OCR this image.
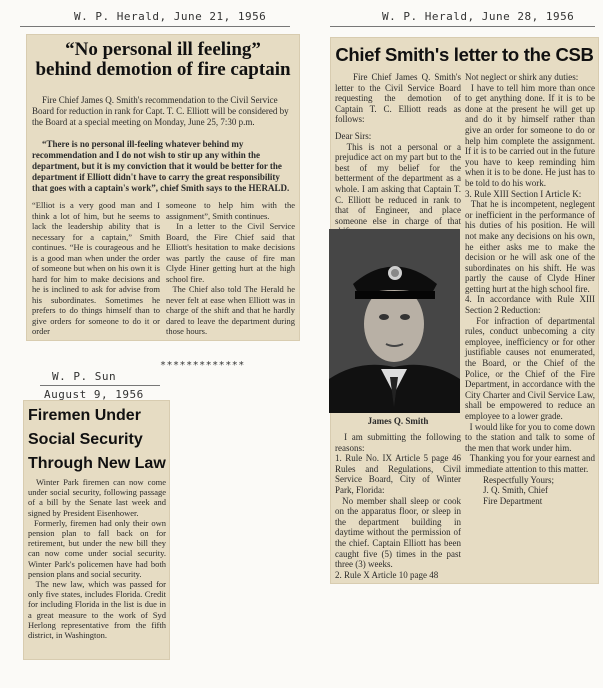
W. P. Herald, June 21, 1956	W. P. Herald, June 28, 1956
“No personal ill feeling”
behind demotion of fire captain
Fire Chief James Q. Smith's recommendation to the Civil Service Board for reduction in rank for Capt. T. C. Elliott will be considered by the Board at a special meeting on Monday, June 25, 7:30 p.m.
“There is no personal ill-feeling whatever behind my recommendation and I do not wish to stir up any within the department, but it is my conviction that it would be better for the department if Elliott didn't have to carry the great responsibility that goes with a captain's work”, chief Smith says to the HERALD.
“Elliot is a very good man and I think a lot of him, but he seems to lack the leadership ability that is necessary for a captain,” Smith continues. “He is courageous and he is a good man when under the order of someone but when on his own it is hard for him to make decisions and he is inclined to ask for advise from his subordinates. Sometimes he prefers to do things himself than to give orders for someone to do it or order
someone to help him with the assignment”, Smith continues.
In a letter to the Civil Service Board, the Fire Chief said that Elliott's hesitation to make decisions was partly the cause of fire man Clyde Hiner getting hurt at the high school fire.
The Chief also told The Herald he never felt at ease when Elliott was in charge of the shift and that he hardly dared to leave the department during those hours.
*************
W. P. Sun
August 9, 1956
Firemen Under
Social Security
Through New Law
Winter Park firemen can now come under social security, following passage of a bill by the Senate last week and signed by President Eisenhower.
Formerly, firemen had only their own pension plan to fall back on for retirement, but under the new bill they can now come under social security. Winter Park's policemen have had both pension plans and social security.
The new law, which was passed for only five states, includes Florida. Credit for including Florida in the list is due in a great measure to the work of Syd Herlong representative from the fifth district, in Washington.
Chief Smith's letter to the CSB
Fire Chief James Q. Smith's letter to the Civil Service Board requesting the demotion of Captain T. C. Elliott reads as follows:
Dear Sirs:
This is not a personal or a prejudice act on my part but to the best of my belief for the betterment of the department as a whole. I am asking that Captain T. C. Elliott be reduced in rank to that of Engineer, and place someone else in charge of that
Not neglect or shirk any duties:
I have to tell him more than once to get anything done. If it is to be done at the present he will get up and do it by himself rather than give an order for someone to do or help him complete the assignment. If it is to be carried out in the future you have to keep reminding him when it is to be done. He just has to be told to do his work.
3. Rule XIII Section I Article K:
That he is incompetent, neglegent or inefficient in the performance of his duties of his position. He will not make any decisions on his own, he either asks me to make the decision or he will ask one of the subordinates on his shift. He was partly the cause of Clyde Hiner getting hurt at the high school fire.
4. In accordance with Rule XIII Section 2 Reduction:
For infraction of departmental rules, conduct unbecoming a city employee, inefficiency or for other justifiable causes not enumerated, the Board, or the Chief of the Police, or the Chief of the Fire Department, in accordance with the City Charter and Civil Service Law, shall be empowered to reduce an employee to a lower grade.
I would like for you to come down to the station and talk to some of the men that work under him.
Thanking you for your earnest and immediate attention to this matter.
Respectfully Yours;
J. Q. Smith, Chief
Fire Department
James Q. Smith
I am submitting the following reasons:
1. Rule No. IX Article 5 page 46 Rules and Regulations, Civil Service Board, City of Winter Park, Florida:
No member shall sleep or cook on the apparatus floor, or sleep in the department building in daytime without the permission of the chief. Captain Elliott has been caught five (5) times in the past three (3) weeks.
2. Rule X Article 10 page 48
